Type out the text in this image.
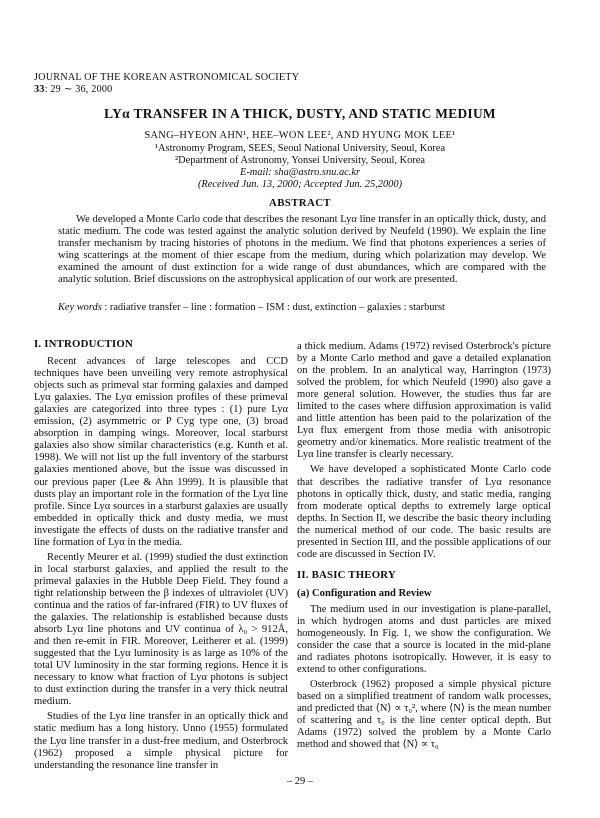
JOURNAL OF THE KOREAN ASTRONOMICAL SOCIETY
33: 29 ∼ 36, 2000
LYα TRANSFER IN A THICK, DUSTY, AND STATIC MEDIUM
SANG–HYEON AHN¹, HEE–WON LEE², AND HYUNG MOK LEE¹
¹Astronomy Program, SEES, Seoul National University, Seoul, Korea
²Department of Astronomy, Yonsei University, Seoul, Korea
E-mail: sha@astro.snu.ac.kr
(Received Jun. 13, 2000; Accepted Jun. 25,2000)
ABSTRACT

We developed a Monte Carlo code that describes the resonant Lyα line transfer in an optically thick, dusty, and static medium. The code was tested against the analytic solution derived by Neufeld (1990). We explain the line transfer mechanism by tracing histories of photons in the medium. We find that photons experiences a series of wing scatterings at the moment of thier escape from the medium, during which polarization may develop. We examined the amount of dust extinction for a wide range of dust abundances, which are compared with the analytic solution. Brief discussions on the astrophysical application of our work are presented.

Key words : radiative transfer – line : formation – ISM : dust, extinction – galaxies : starburst
I. INTRODUCTION

Recent advances of large telescopes and CCD techniques have been unveiling very remote astrophysical objects such as primeval star forming galaxies and damped Lyα galaxies. The Lyα emission profiles of these primeval galaxies are categorized into three types : (1) pure Lyα emission, (2) asymmetric or P Cyg type one, (3) broad absorption in damping wings. Moreover, local starburst galaxies also show similar characteristics (e.g. Kunth et al. 1998). We will not list up the full inventory of the starburst galaxies mentioned above, but the issue was discussed in our previous paper (Lee & Ahn 1999). It is plausible that dusts play an important role in the formation of the Lyα line profile. Since Lyα sources in a starburst galaxies are usually embedded in optically thick and dusty media, we must investigate the effects of dusts on the radiative transfer and line formation of Lyα in the media.

Recently Meurer et al. (1999) studied the dust extinction in local starburst galaxies, and applied the result to the primeval galaxies in the Hubble Deep Field. They found a tight relationship between the β indexes of ultraviolet (UV) continua and the ratios of far-infrared (FIR) to UV fluxes of the galaxies. The relationship is established because dusts absorb Lyα line photons and UV continua of λ₀ > 912Å, and then re-emit in FIR. Moreover, Leitherer et al. (1999) suggested that the Lyα luminosity is as large as 10% of the total UV luminosity in the star forming regions. Hence it is necessary to know what fraction of Lyα photons is subject to dust extinction during the transfer in a very thick neutral medium.

Studies of the Lyα line transfer in an optically thick and static medium has a long history. Unno (1955) formulated the Lyα line transfer in a dust-free medium, and Osterbrock (1962) proposed a simple physical picture for understanding the resonance line transfer in

a thick medium. Adams (1972) revised Osterbrock's picture by a Monte Carlo method and gave a detailed explanation on the problem. In an analytical way, Harrington (1973) solved the problem, for which Neufeld (1990) also gave a more general solution. However, the studies thus far are limited to the cases where diffusion approximation is valid and little attention has been paid to the polarization of the Lyα flux emergent from those media with anisotropic geometry and/or kinematics. More realistic treatment of the Lyα line transfer is clearly necessary.

We have developed a sophisticated Monte Carlo code that describes the radiative transfer of Lyα resonance photons in optically thick, dusty, and static media, ranging from moderate optical depths to extremely large optical depths. In Section II, we describe the basic theory including the numerical method of our code. The basic results are presented in Section III, and the possible applications of our code are discussed in Section IV.

II. BASIC THEORY
(a) Configuration and Review

The medium used in our investigation is plane-parallel, in which hydrogen atoms and dust particles are mixed homogeneously. In Fig. 1, we show the configuration. We consider the case that a source is located in the mid-plane and radiates photons isotropically. However, it is easy to extend to other configurations.

Osterbrock (1962) proposed a simple physical picture based on a simplified treatment of random walk processes, and predicted that ⟨N⟩ ∝ τ₀², where ⟨N⟩ is the mean number of scattering and τ₀ is the line center optical depth. But Adams (1972) solved the problem by a Monte Carlo method and showed that ⟨N⟩ ∝ τ₀

– 29 –
